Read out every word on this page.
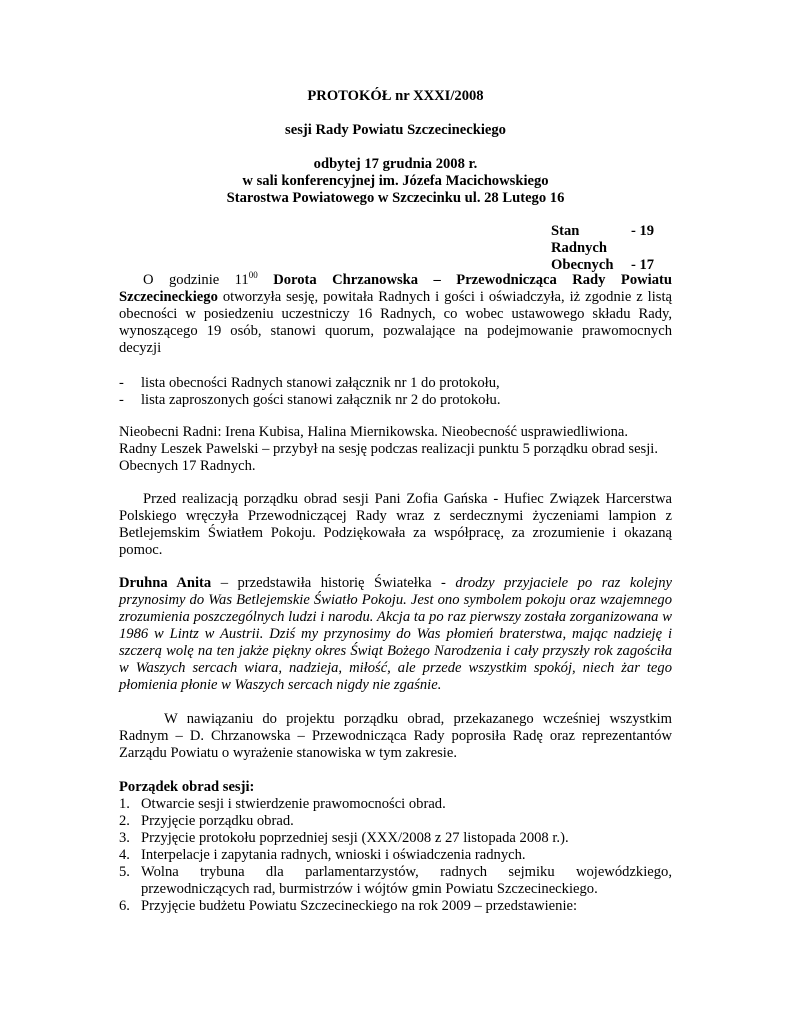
PROTOKÓŁ nr XXXI/2008
sesji Rady Powiatu Szczecineckiego
odbytej 17 grudnia 2008 r.
w sali konferencyjnej im. Józefa Macichowskiego
Starostwa Powiatowego w Szczecinku ul. 28 Lutego 16
Stan Radnych
- 19
Obecnych	- 17
O godzinie $11^{00}$ Dorota Chrzanowska – Przewodnicząca Rady Powiatu Szczecineckiego otworzyła sesję, powitała Radnych i gości i oświadczyła, iż zgodnie z listą obecności w posiedzeniu uczestniczy 16 Radnych, co wobec ustawowego składu Rady, wynoszącego 19 osób, stanowi quorum, pozwalające na podejmowanie prawomocnych decyzji
- lista obecności Radnych stanowi załącznik nr 1 do protokołu,
- lista zaproszonych gości stanowi załącznik nr 2 do protokołu.
Nieobecni Radni: Irena Kubisa, Halina Miernikowska. Nieobecność usprawiedliwiona.
Radny Leszek Pawelski – przybył na sesję podczas realizacji punktu 5 porządku obrad sesji.
Obecnych 17 Radnych.
Przed realizacją porządku obrad sesji Pani Zofia Gańska - Hufiec Związek Harcerstwa Polskiego wręczyła Przewodniczącej Rady wraz z serdecznymi życzeniami lampion z Betlejemskim Światłem Pokoju. Podziękowała za współpracę, za zrozumienie i okazaną pomoc.
Druhna Anita – przedstawiła historię Światełka - drodzy przyjaciele po raz kolejny przynosimy do Was Betlejemskie Światło Pokoju. Jest ono symbolem pokoju oraz wzajemnego zrozumienia poszczególnych ludzi i narodu. Akcja ta po raz pierwszy została zorganizowana w 1986 w Lintz w Austrii. Dziś my przynosimy do Was płomień braterstwa, mając nadzieję i szczerą wolę na ten jakże piękny okres Świąt Bożego Narodzenia i cały przyszły rok zagościła w Waszych sercach wiara, nadzieja, miłość, ale przede wszystkim spokój, niech żar tego płomienia płonie w Waszych sercach nigdy nie zgaśnie.
W nawiązaniu do projektu porządku obrad, przekazanego wcześniej wszystkim Radnym – D. Chrzanowska – Przewodnicząca Rady poprosiła Radę oraz reprezentantów Zarządu Powiatu o wyrażenie stanowiska w tym zakresie.
Porządek obrad sesji:
1. Otwarcie sesji i stwierdzenie prawomocności obrad.
2. Przyjęcie porządku obrad.
3. Przyjęcie protokołu poprzedniej sesji (XXX/2008 z 27 listopada 2008 r.).
4. Interpelacje i zapytania radnych, wnioski i oświadczenia radnych.
5. Wolna trybuna dla parlamentarzystów, radnych sejmiku wojewódzkiego, przewodniczących rad, burmistrzów i wójtów gmin Powiatu Szczecineckiego.
6. Przyjęcie budżetu Powiatu Szczecineckiego na rok 2009 – przedstawienie:
